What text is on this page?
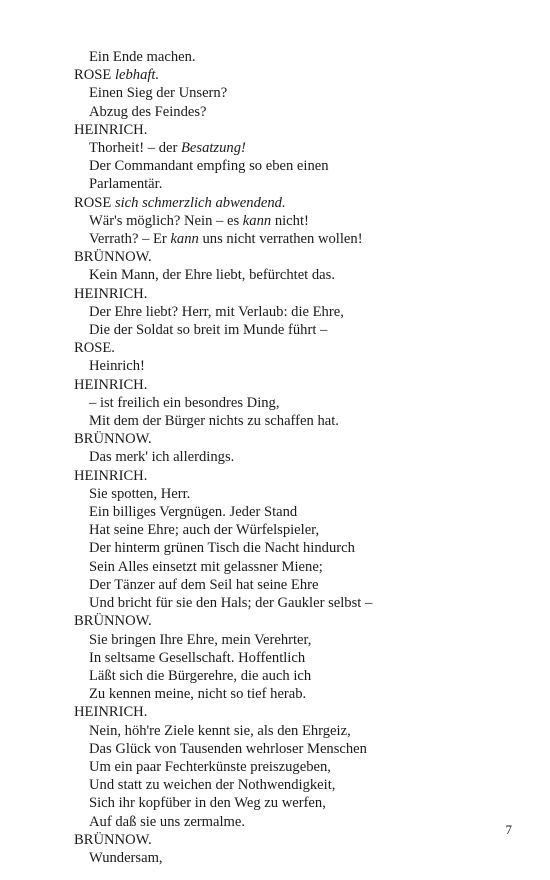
Ein Ende machen.
ROSE lebhaft.
Einen Sieg der Unsern?
Abzug des Feindes?
HEINRICH.
Thorheit! – der Besatzung!
Der Commandant empfing so eben einen
Parlamentär.
ROSE sich schmerzlich abwendend.
Wär's möglich? Nein – es kann nicht!
Verrath? – Er kann uns nicht verrathen wollen!
BRÜNNOW.
Kein Mann, der Ehre liebt, befürchtet das.
HEINRICH.
Der Ehre liebt? Herr, mit Verlaub: die Ehre,
Die der Soldat so breit im Munde führt –
ROSE.
Heinrich!
HEINRICH.
– ist freilich ein besondres Ding,
Mit dem der Bürger nichts zu schaffen hat.
BRÜNNOW.
Das merk' ich allerdings.
HEINRICH.
Sie spotten, Herr.
Ein billiges Vergnügen. Jeder Stand
Hat seine Ehre; auch der Würfelspieler,
Der hinterm grünen Tisch die Nacht hindurch
Sein Alles einsetzt mit gelassner Miene;
Der Tänzer auf dem Seil hat seine Ehre
Und bricht für sie den Hals; der Gaukler selbst –
BRÜNNOW.
Sie bringen Ihre Ehre, mein Verehrter,
In seltsame Gesellschaft. Hoffentlich
Läßt sich die Bürgerehre, die auch ich
Zu kennen meine, nicht so tief herab.
HEINRICH.
Nein, höh're Ziele kennt sie, als den Ehrgeiz,
Das Glück von Tausenden wehrloser Menschen
Um ein paar Fechterkünste preiszugeben,
Und statt zu weichen der Nothwendigkeit,
Sich ihr kopfüber in den Weg zu werfen,
Auf daß sie uns zermalme.
BRÜNNOW.
Wundersam,
7
